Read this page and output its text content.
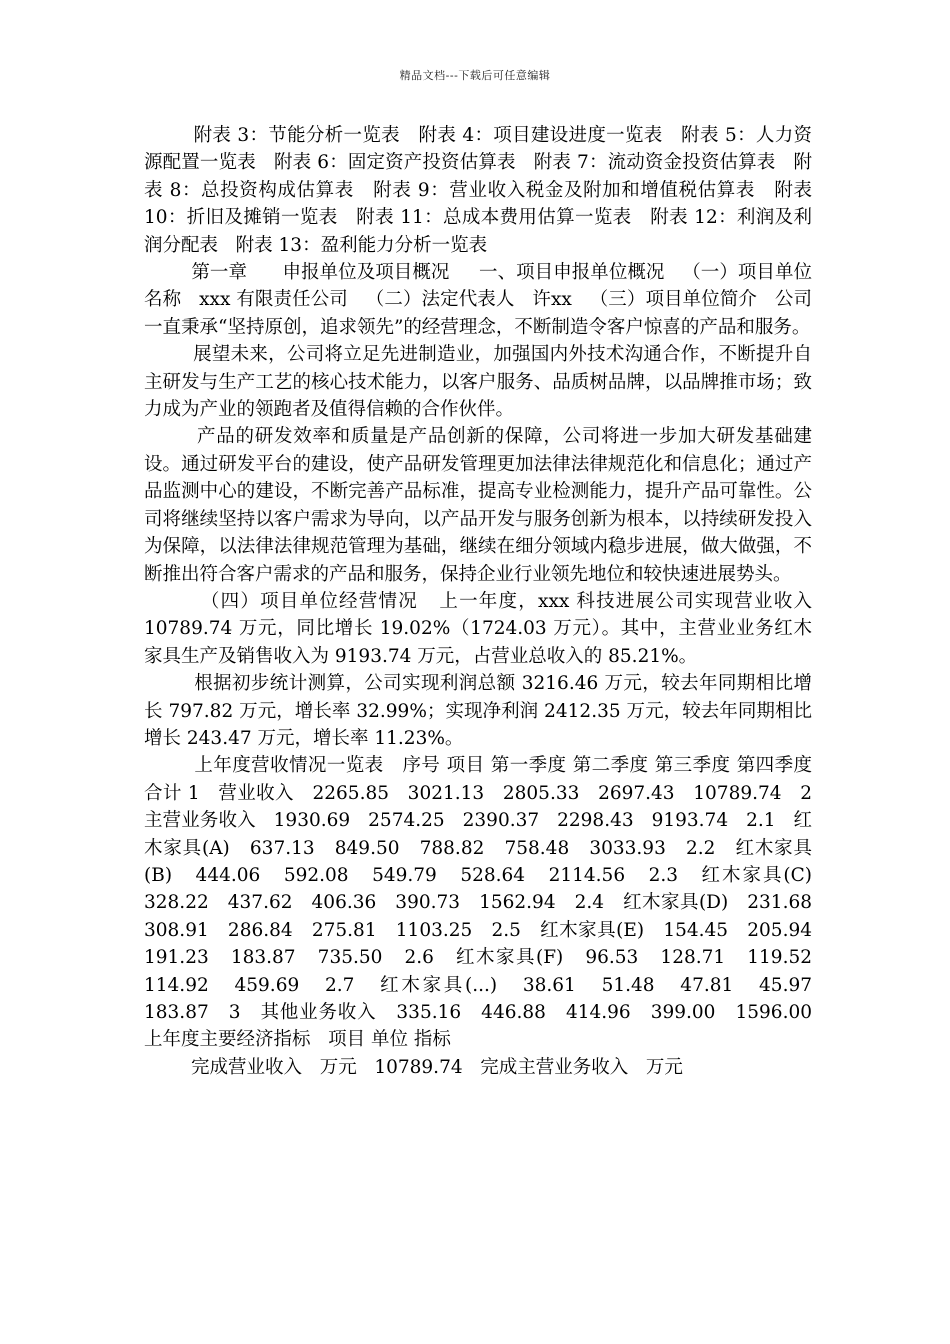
精品文档---下载后可任意编辑

附表 3：节能分析一览表   附表 4：项目建设进度一览表   附表 5：人力资源配置一览表   附表 6：固定资产投资估算表   附表 7：流动资金投资估算表   附表 8：总投资构成估算表   附表 9：营业收入税金及附加和增值税估算表   附表 10：折旧及摊销一览表   附表 11：总成本费用估算一览表   附表 12：利润及利润分配表   附表 13：盈利能力分析一览表

第一章      申报单位及项目概况     一、项目申报单位概况   （一）项目单位名称   xxx 有限责任公司   （二）法定代表人   许xx   （三）项目单位简介   公司一直秉承“坚持原创，追求领先”的经营理念，不断制造令客户惊喜的产品和服务。

展望未来，公司将立足先进制造业，加强国内外技术沟通合作，不断提升自主研发与生产工艺的核心技术能力，以客户服务、品质树品牌，以品牌推市场；致力成为产业的领跑者及值得信赖的合作伙伴。

产品的研发效率和质量是产品创新的保障，公司将进一步加大研发基础建设。通过研发平台的建设，使产品研发管理更加法律法律规范化和信息化；通过产品监测中心的建设，不断完善产品标准，提高专业检测能力，提升产品可靠性。公司将继续坚持以客户需求为导向，以产品开发与服务创新为根本，以持续研发投入为保障，以法律法律规范管理为基础，继续在细分领域内稳步进展，做大做强，不断推出符合客户需求的产品和服务，保持企业行业领先地位和较快速进展势头。

（四）项目单位经营情况   上一年度，xxx 科技进展公司实现营业收入 10789.74 万元，同比增长 19.02%（1724.03 万元）。其中，主营业业务红木家具生产及销售收入为 9193.74 万元，占营业总收入的 85.21%。

根据初步统计测算，公司实现利润总额 3216.46 万元，较去年同期相比增长 797.82 万元，增长率 32.99%；实现净利润 2412.35 万元，较去年同期相比增长 243.47 万元，增长率 11.23%。

上年度营收情况一览表   序号 项目 第一季度 第二季度 第三季度 第四季度 合计 1   营业收入   2265.85   3021.13   2805.33   2697.43   10789.74   2   主营业务收入   1930.69   2574.25   2390.37   2298.43   9193.74   2.1   红木家具(A)   637.13   849.50   788.82   758.48   3033.93   2.2   红木家具(B)   444.06   592.08   549.79   528.64   2114.56   2.3   红木家具(C)   328.22   437.62   406.36   390.73   1562.94   2.4   红木家具(D)   231.68   308.91   286.84   275.81   1103.25   2.5   红木家具(E)   154.45   205.94   191.23   183.87   735.50   2.6   红木家具(F)   96.53   128.71   119.52   114.92   459.69   2.7   红木家具(...)   38.61   51.48   47.81   45.97   183.87   3   其他业务收入   335.16   446.88   414.96   399.00   1596.00      上年度主要经济指标   项目 单位 指标

完成营业收入   万元   10789.74   完成主营业务收入   万元
